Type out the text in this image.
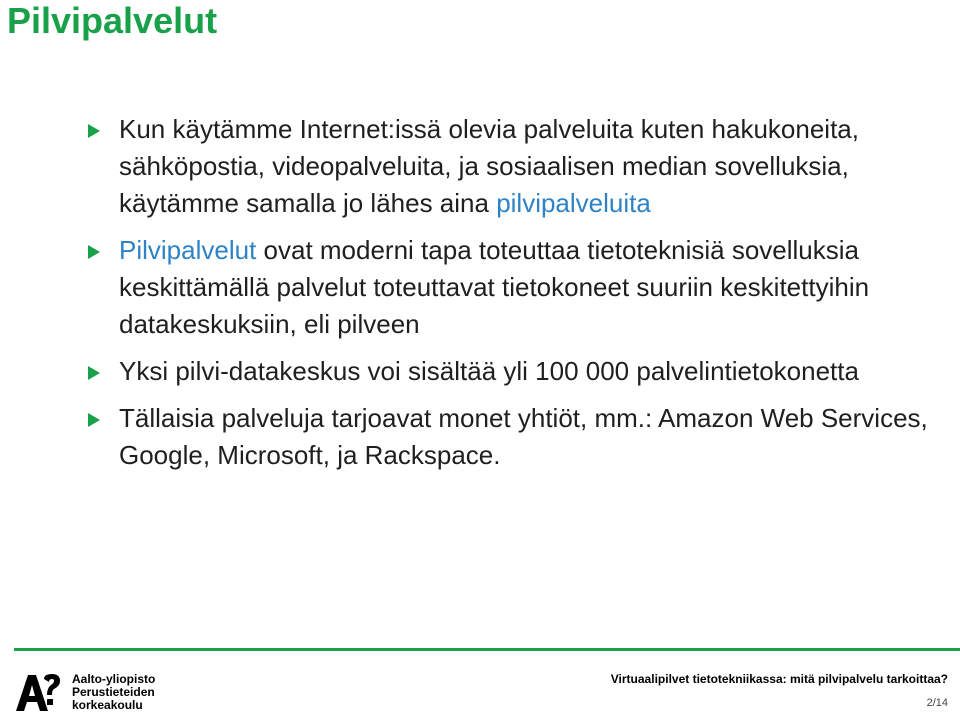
Pilvipalvelut
Kun käytämme Internet:issä olevia palveluita kuten hakukoneita, sähköpostia, videopalveluita, ja sosiaalisen median sovelluksia, käytämme samalla jo lähes aina pilvipalveluita
Pilvipalvelut ovat moderni tapa toteuttaa tietoteknisiä sovelluksia keskittämällä palvelut toteuttavat tietokoneet suuriin keskitettyihin datakeskuksiin, eli pilveen
Yksi pilvi-datakeskus voi sisältää yli 100 000 palvelintietokonetta
Tällaisia palveluja tarjoavat monet yhtiöt, mm.: Amazon Web Services, Google, Microsoft, ja Rackspace.
Aalto-yliopisto
Perustieteiden
korkeakoulu
Virtuaalipilvet tietotekniikassa: mitä pilvipalvelu tarkoittaa?
2/14
